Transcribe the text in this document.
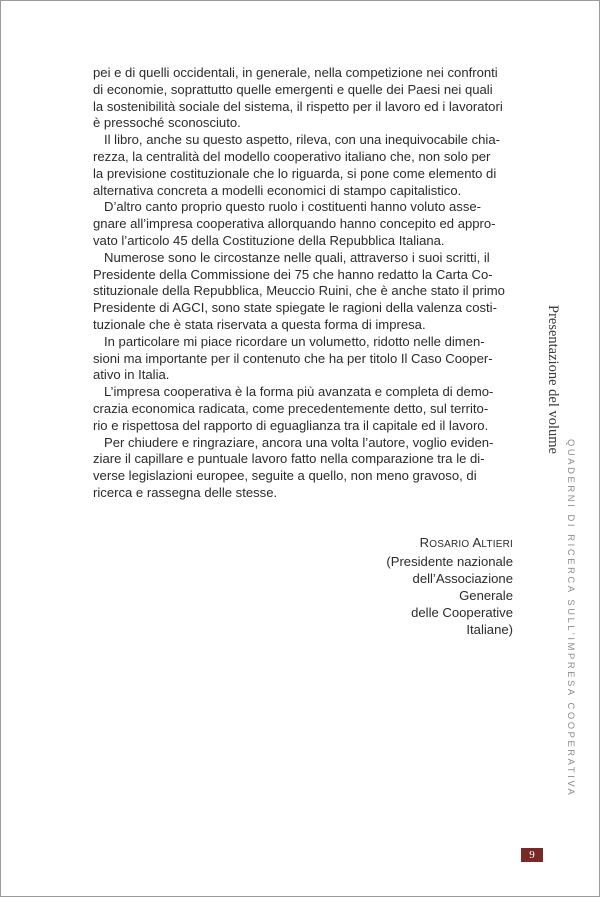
pei e di quelli occidentali, in generale, nella competizione nei confronti
di economie, soprattutto quelle emergenti e quelle dei Paesi nei quali
la sostenibilità sociale del sistema, il rispetto per il lavoro ed i lavoratori
è pressoché sconosciuto.
Il libro, anche su questo aspetto, rileva, con una inequivocabile chia-
rezza, la centralità del modello cooperativo italiano che, non solo per
la previsione costituzionale che lo riguarda, si pone come elemento di
alternativa concreta a modelli economici di stampo capitalistico.
D’altro canto proprio questo ruolo i costituenti hanno voluto asse-
gnare all’impresa cooperativa allorquando hanno concepito ed appro-
vato l’articolo 45 della Costituzione della Repubblica Italiana.
Numerose sono le circostanze nelle quali, attraverso i suoi scritti, il
Presidente della Commissione dei 75 che hanno redatto la Carta Co-
stituzionale della Repubblica, Meuccio Ruini, che è anche stato il primo
Presidente di AGCI, sono state spiegate le ragioni della valenza costi-
tuzionale che è stata riservata a questa forma di impresa.
In particolare mi piace ricordare un volumetto, ridotto nelle dimen-
sioni ma importante per il contenuto che ha per titolo Il Caso Cooper-
ativo in Italia.
L’impresa cooperativa è la forma più avanzata e completa di demo-
crazia economica radicata, come precedentemente detto, sul territo-
rio e rispettosa del rapporto di eguaglianza tra il capitale ed il lavoro.
Per chiudere e ringraziare, ancora una volta l’autore, voglio eviden-
ziare il capillare e puntuale lavoro fatto nella comparazione tra le di-
verse legislazioni europee, seguite a quello, non meno gravoso, di
ricerca e rassegna delle stesse.
ROSARIO ALTIERI
(Presidente nazionale
dell’Associazione Generale
delle Cooperative Italiane)
Presentazione del volume
QUADERNI DI RICERCA SULL’IMPRESA COOPERATIVA
9
